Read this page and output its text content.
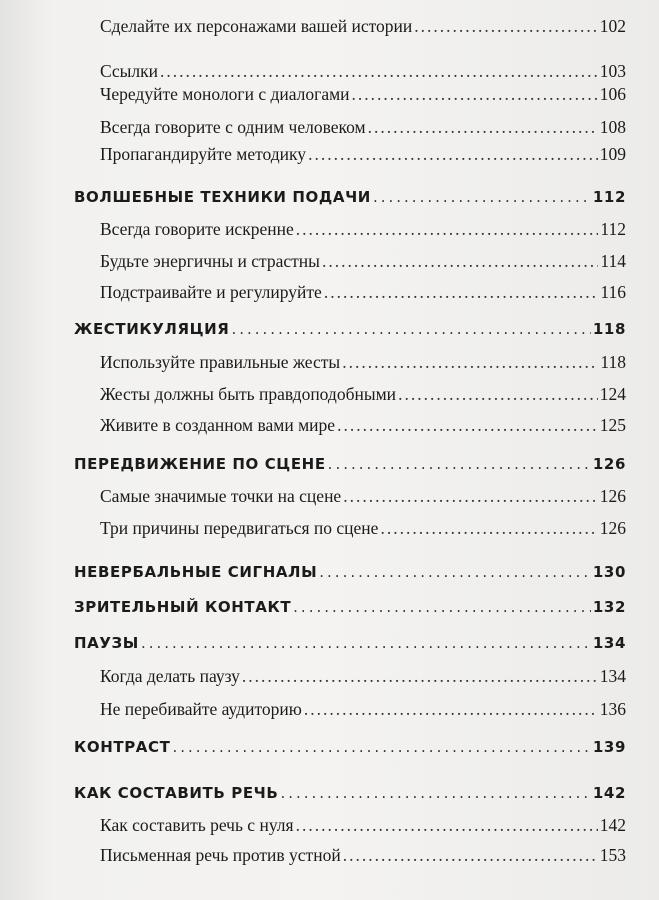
Сделайте их персонажами вашей истории .....	102
Ссылки .....	103
Чередуйте монологи с диалогами .....	106
Всегда говорите с одним человеком .....	108
Пропагандируйте методику .....	109
ВОЛШЕБНЫЕ ТЕХНИКИ ПОДАЧИ .....	112
Всегда говорите искренне .....	112
Будьте энергичны и страстны .....	114
Подстраивайте и регулируйте .....	116
ЖЕСТИКУЛЯЦИЯ .....	118
Используйте правильные жесты .....	118
Жесты должны быть правдоподобными .....	124
Живите в созданном вами мире .....	125
ПЕРЕДВИЖЕНИЕ ПО СЦЕНЕ .....	126
Самые значимые точки на сцене .....	126
Три причины передвигаться по сцене .....	126
НЕВЕРБАЛЬНЫЕ СИГНАЛЫ .....	130
ЗРИТЕЛЬНЫЙ КОНТАКТ .....	132
ПАУЗЫ .....	134
Когда делать паузу .....	134
Не перебивайте аудиторию .....	136
КОНТРАСТ .....	139
КАК СОСТАВИТЬ РЕЧЬ .....	142
Как составить речь с нуля .....	142
Письменная речь против устной .....	153
